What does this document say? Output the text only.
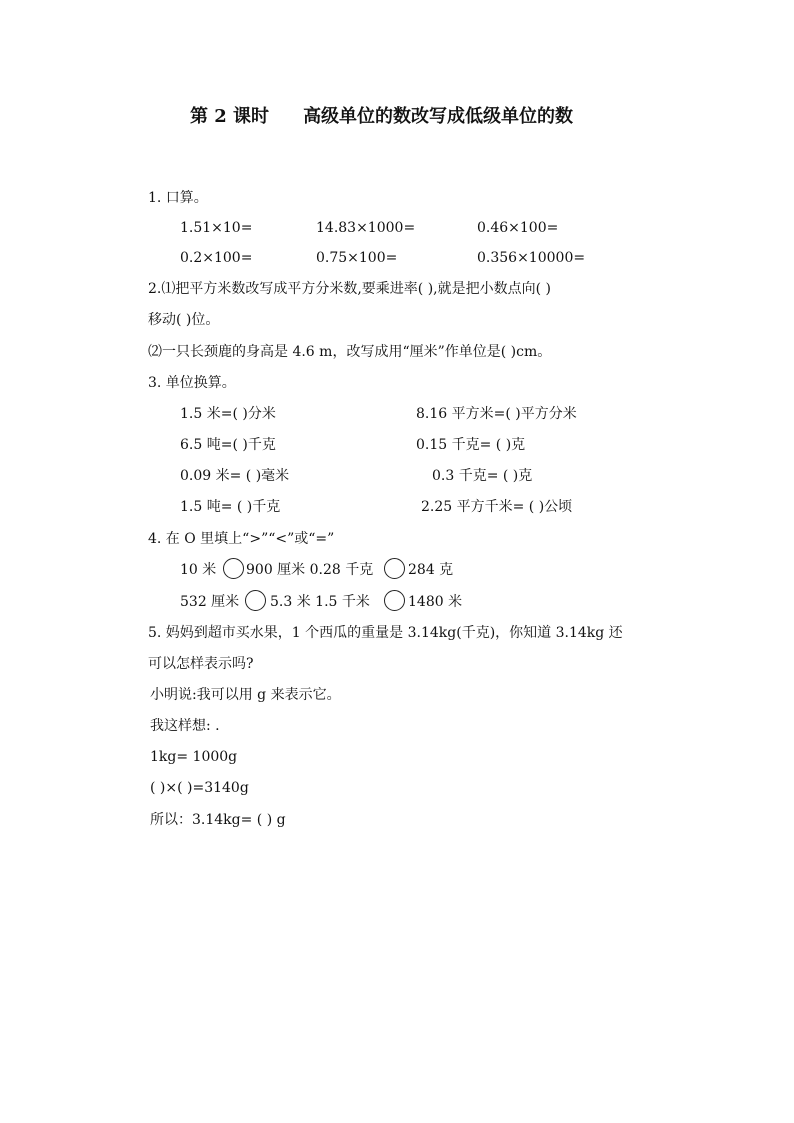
第 2 课时 高级单位的数改写成低级单位的数
1. 口算。
1.51×10=	14.83×1000=	0.46×100=
0.2×100=	0.75×100=	0.356×10000=
2.⑴把平方米数改写成平方分米数,要乘进率( ),就是把小数点向( )
移动( )位。
⑵一只长颈鹿的身高是 4.6 m，改写成用“厘米”作单位是( )cm。
3. 单位换算。
1.5 米=( )分米	8.16 平方米=( )平方分米
6.5 吨=( )千克	0.15 千克= ( )克
0.09 米= ( )毫米	0.3 千克= ( )克
1.5 吨= ( )千克	2.25 平方千米= ( )公顷
4. 在 O 里填上“>”“<”或“=”
10 米 900 厘米 0.28 千克 284 克
532 厘米 5.3 米 1.5 千米	1480 米
5. 妈妈到超市买水果，1 个西瓜的重量是 3.14kg(千克)，你知道 3.14kg 还
可以怎样表示吗?
小明说:我可以用 g 来表示它。
我这样想: .
1kg= 1000g
( )×( )=3140g
所以：3.14kg= ( ) g
